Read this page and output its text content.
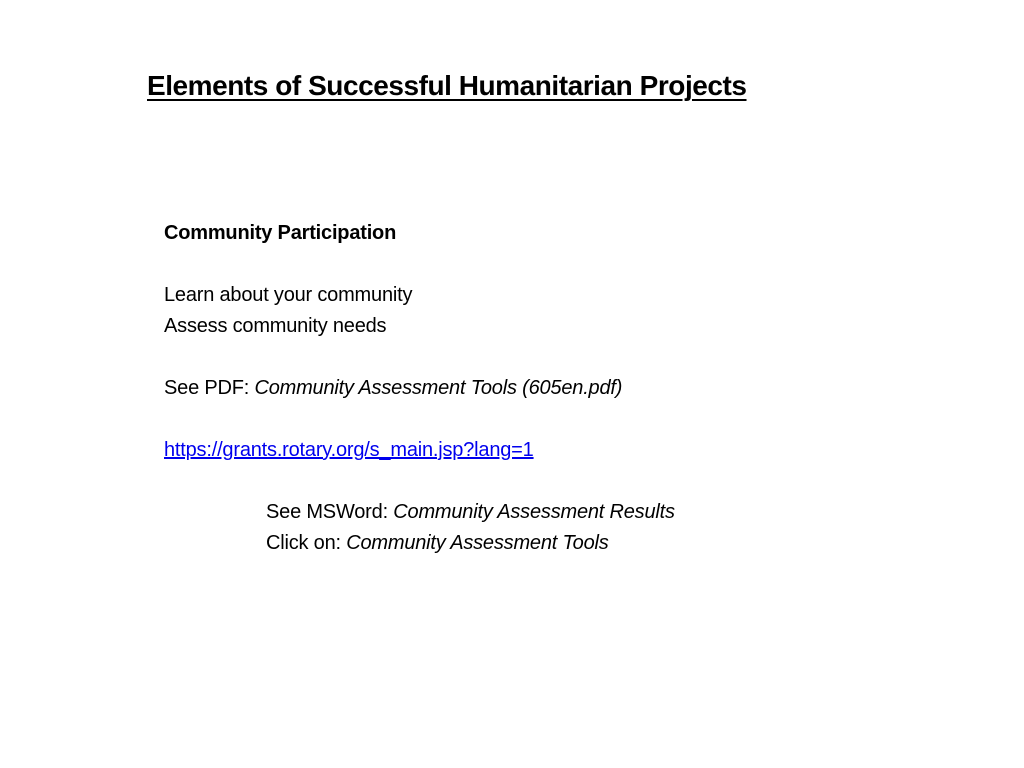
Elements of Successful Humanitarian Projects
Community Participation
Learn about your community
Assess community needs
See PDF: Community Assessment Tools (605en.pdf)
https://grants.rotary.org/s_main.jsp?lang=1
See MSWord: Community Assessment Results
Click on: Community Assessment Tools
